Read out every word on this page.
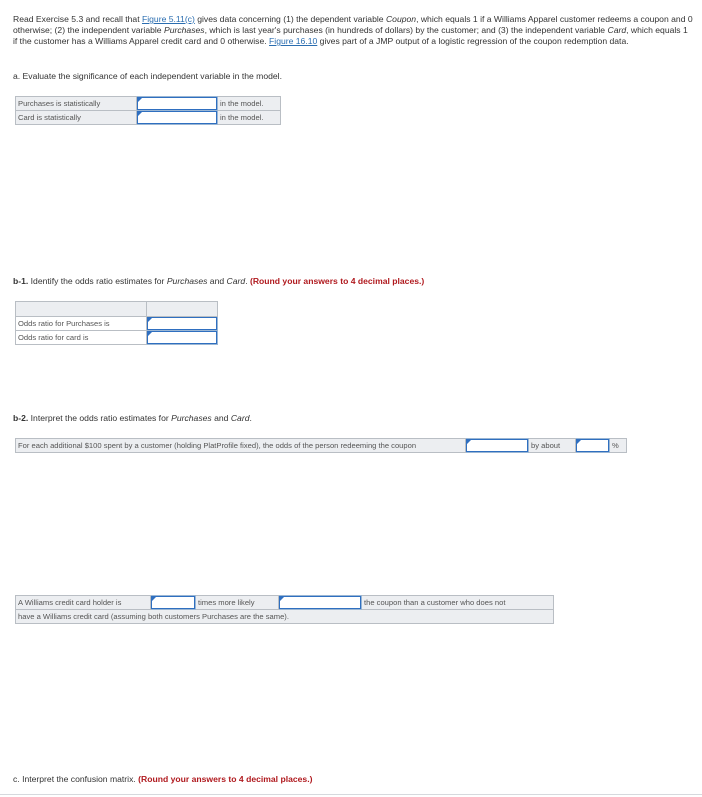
Read Exercise 5.3 and recall that Figure 5.11(c) gives data concerning (1) the dependent variable Coupon, which equals 1 if a Williams Apparel customer redeems a coupon and 0 otherwise; (2) the independent variable Purchases, which is last year's purchases (in hundreds of dollars) by the customer; and (3) the independent variable Card, which equals 1 if the customer has a Williams Apparel credit card and 0 otherwise. Figure 16.10 gives part of a JMP output of a logistic regression of the coupon redemption data.
a. Evaluate the significance of each independent variable in the model.
Purchases is statistically		in the model.
Card is statistically		in the model.
b-1. Identify the odds ratio estimates for Purchases and Card. (Round your answers to 4 decimal places.)

Odds ratio for Purchases is	

Odds ratio for card is	
b-2. Interpret the odds ratio estimates for Purchases and Card.
For each additional $100 spent by a customer (holding PlatProfile fixed), the odds of the person redeeming the coupon		by about		%
A Williams credit card holder is		times more likely		the coupon than a customer who does not
have a Williams credit card (assuming both customers Purchases are the same).
c. Interpret the confusion matrix. (Round your answers to 4 decimal places.)
